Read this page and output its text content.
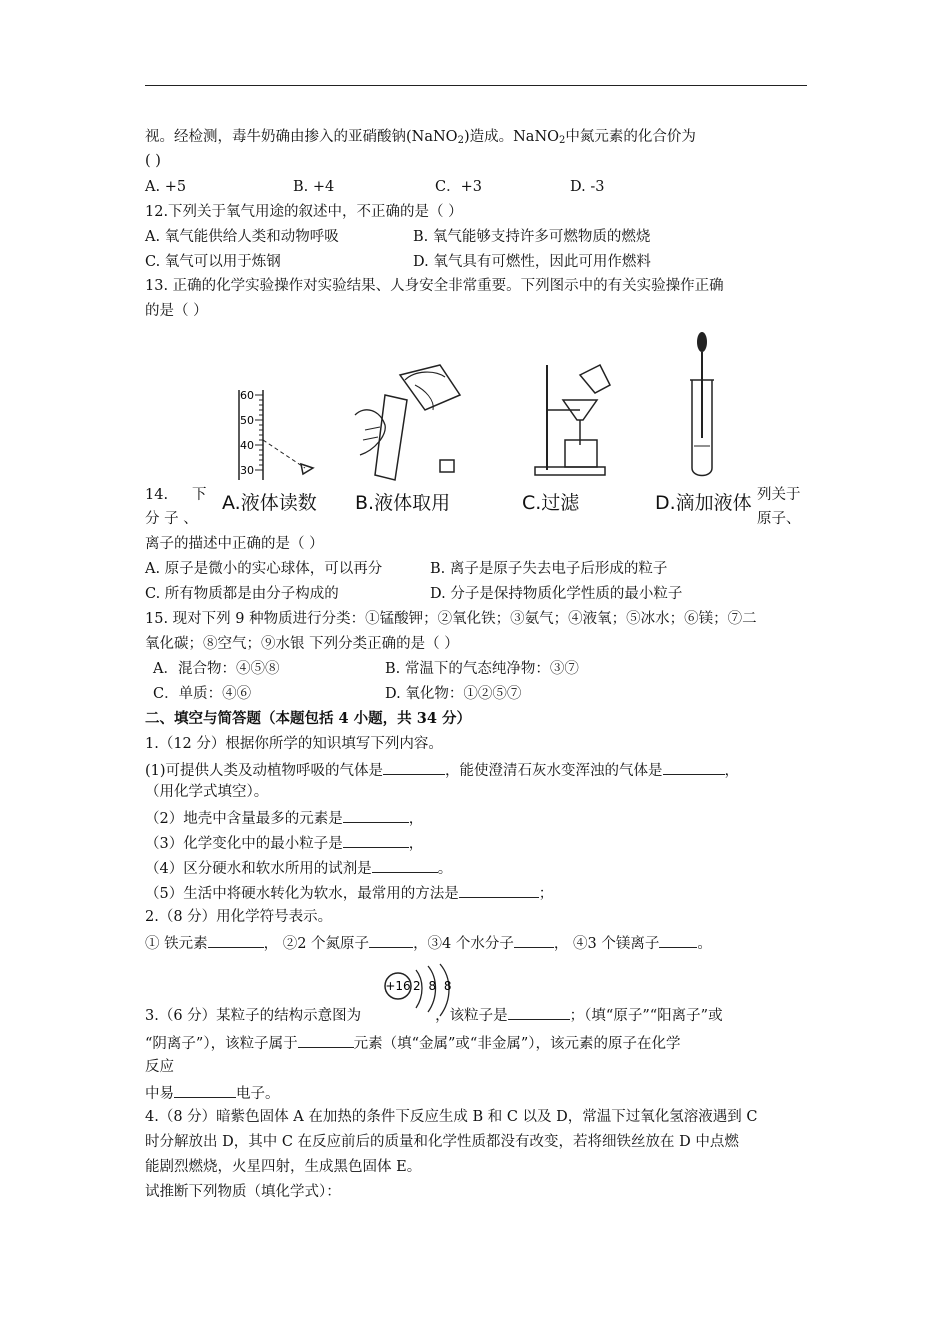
视。经检测，毒牛奶确由掺入的亚硝酸钠(NaNO$_2$)造成。NaNO$_2$中氮元素的化合价为
( )
A. +5	B. +4	C．+3	D. -3
12.下列关于氧气用途的叙述中，不正确的是（ ）
A. 氧气能供给人类和动物呼吸	B. 氧气能够支持许多可燃物质的燃烧
C. 氧气可以用于炼钢	D. 氧气具有可燃性，因此可用作燃料
13. 正确的化学实验操作对实验结果、人身安全非常重要。下列图示中的有关实验操作正确
的是（ ）
60
50
40
30
A.液体读数 B.液体取用	C.过滤	D.滴加液体
14. 下	列关于
分 子 、	原子、
离子的描述中正确的是（ ）
A. 原子是微小的实心球体，可以再分	B. 离子是原子失去电子后形成的粒子
C. 所有物质都是由分子构成的	D. 分子是保持物质化学性质的最小粒子
15. 现对下列 9 种物质进行分类：①锰酸钾；②氧化铁；③氨气；④液氧；⑤冰水；⑥镁；⑦二
氧化碳；⑧空气；⑨水银 下列分类正确的是（ ）
A．混合物：④⑤⑧	B. 常温下的气态纯净物：③⑦
C．单质：④⑥	D. 氧化物：①②⑤⑦
二、填空与简答题（本题包括 4 小题，共 34 分）
1.（12 分）根据你所学的知识填写下列内容。
(1)可提供人类及动植物呼吸的气体是	，能使澄清石灰水变浑浊的气体是	，
（用化学式填空）。
（2）地壳中含量最多的元素是	，
（3）化学变化中的最小粒子是	，
（4）区分硬水和软水所用的试剂是	。
（5）生活中将硬水转化为软水，最常用的方法是	；
2.（8 分）用化学符号表示。
① 铁元素	， ②2 个氮原子	，③4 个水分子	， ④3 个镁离子	。
+16 2 8 8
3.（6 分）某粒子的结构示意图为	，该粒子是	；（填“原子”“阳离子”或
“阴离子”），该粒子属于	元素（填“金属”或“非金属”），该元素的原子在化学
反应
中易	电子。
4.（8 分）暗紫色固体 A 在加热的条件下反应生成 B 和 C 以及 D，常温下过氧化氢溶液遇到 C
时分解放出 D，其中 C 在反应前后的质量和化学性质都没有改变，若将细铁丝放在 D 中点燃
能剧烈燃烧，火星四射，生成黑色固体 E。
试推断下列物质（填化学式）：
